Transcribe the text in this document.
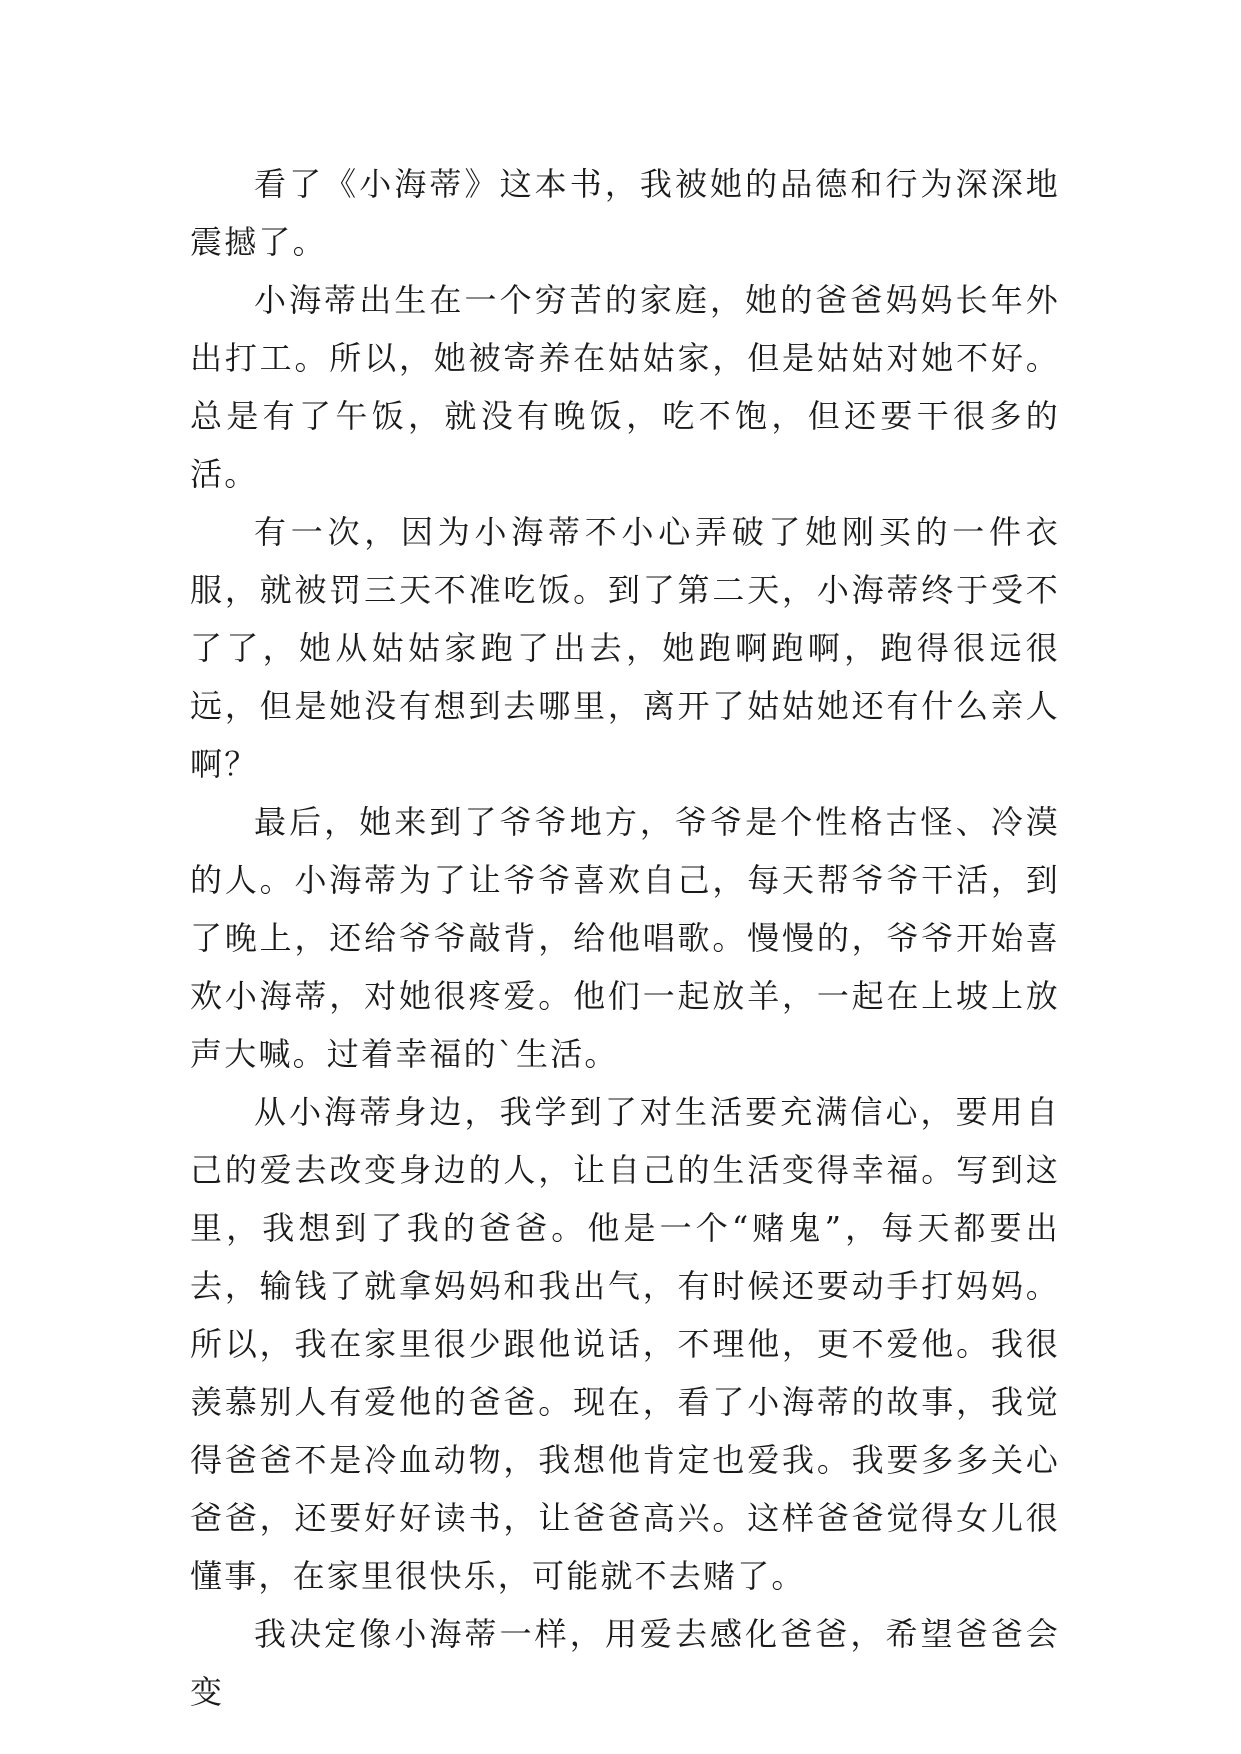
看了《小海蒂》这本书，我被她的品德和行为深深地震撼了。

小海蒂出生在一个穷苦的家庭，她的爸爸妈妈长年外出打工。所以，她被寄养在姑姑家，但是姑姑对她不好。总是有了午饭，就没有晚饭，吃不饱，但还要干很多的活。

有一次，因为小海蒂不小心弄破了她刚买的一件衣服，就被罚三天不准吃饭。到了第二天，小海蒂终于受不了了，她从姑姑家跑了出去，她跑啊跑啊，跑得很远很远，但是她没有想到去哪里，离开了姑姑她还有什么亲人啊？

最后，她来到了爷爷地方，爷爷是个性格古怪、冷漠的人。小海蒂为了让爷爷喜欢自己，每天帮爷爷干活，到了晚上，还给爷爷敲背，给他唱歌。慢慢的，爷爷开始喜欢小海蒂，对她很疼爱。他们一起放羊，一起在上坡上放声大喊。过着幸福的`生活。

从小海蒂身边，我学到了对生活要充满信心，要用自己的爱去改变身边的人，让自己的生活变得幸福。写到这里，我想到了我的爸爸。他是一个“赌鬼”，每天都要出去，输钱了就拿妈妈和我出气，有时候还要动手打妈妈。所以，我在家里很少跟他说话，不理他，更不爱他。我很羡慕别人有爱他的爸爸。现在，看了小海蒂的故事，我觉得爸爸不是冷血动物，我想他肯定也爱我。我要多多关心爸爸，还要好好读书，让爸爸高兴。这样爸爸觉得女儿很懂事，在家里很快乐，可能就不去赌了。

我决定像小海蒂一样，用爱去感化爸爸，希望爸爸会变
